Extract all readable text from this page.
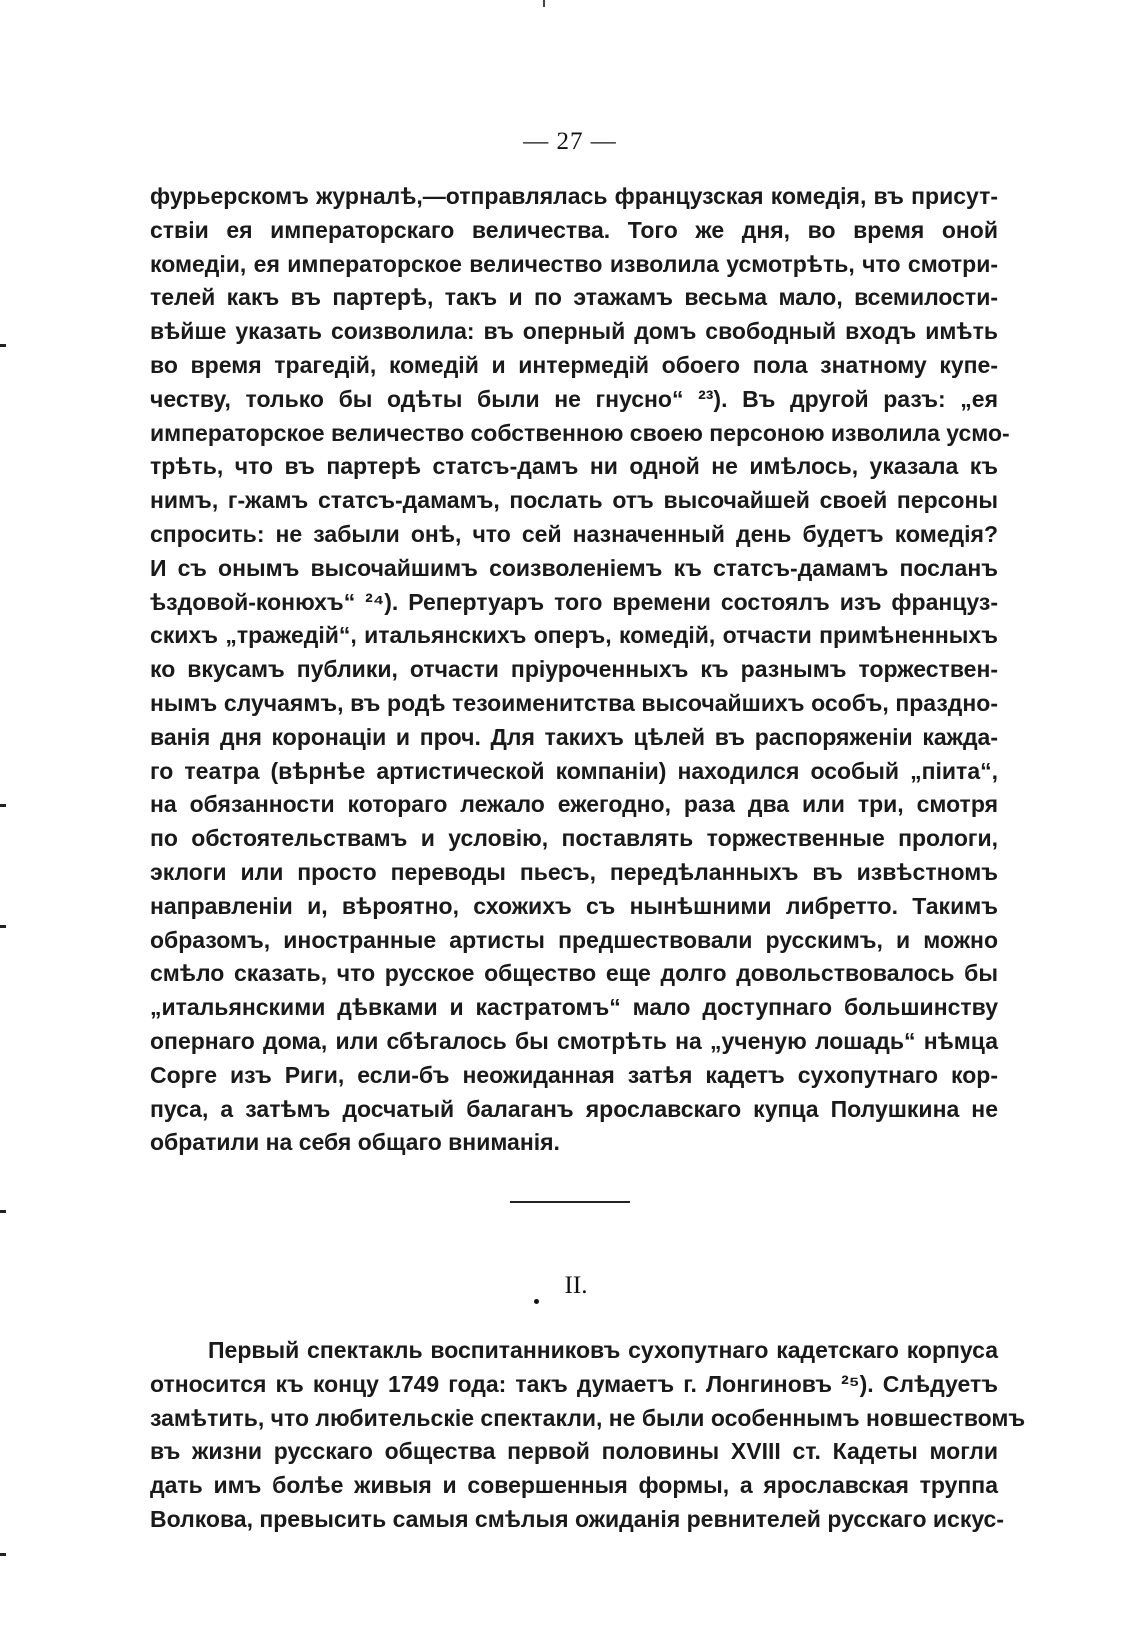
— 27 —
фурьерскомъ журналѣ,—отправлялась французская комедія, въ присут-
ствіи ея императорскаго величества. Того же дня, во время оной
комедіи, ея императорское величество изволила усмотрѣть, что смотри-
телей какъ въ партерѣ, такъ и по этажамъ весьма мало, всемилости-
вѣйше указать соизволила: въ оперный домъ свободный входъ имѣть
во время трагедій, комедій и интермедій обоего пола знатному купе-
честву, только бы одѣты были не гнусно“ ²³). Въ другой разъ: „ея
императорское величество собственною своею персоною изволила усмо-
трѣть, что въ партерѣ статсъ-дамъ ни одной не имѣлось, указала къ
нимъ, г-жамъ статсъ-дамамъ, послать отъ высочайшей своей персоны
спросить: не забыли онѣ, что сей назначенный день будетъ комедія?
И съ онымъ высочайшимъ соизволеніемъ къ статсъ-дамамъ посланъ
ѣздовой-конюхъ“ ²⁴). Репертуаръ того времени состоялъ изъ француз-
скихъ „тражедій“, итальянскихъ оперъ, комедій, отчасти примѣненныхъ
ко вкусамъ публики, отчасти пріуроченныхъ къ разнымъ торжествен-
нымъ случаямъ, въ родѣ тезоименитства высочайшихъ особъ, праздно-
ванія дня коронаціи и проч. Для такихъ цѣлей въ распоряженіи кажда-
го театра (вѣрнѣе артистической компаніи) находился особый „піита“,
на обязанности котораго лежало ежегодно, раза два или три, смотря
по обстоятельствамъ и условію, поставлять торжественные прологи,
эклоги или просто переводы пьесъ, передѣланныхъ въ извѣстномъ
направленіи и, вѣроятно, схожихъ съ нынѣшними либретто. Такимъ
образомъ, иностранные артисты предшествовали русскимъ, и можно
смѣло сказать, что русское общество еще долго довольствовалось бы
„итальянскими дѣвками и кастратомъ“ мало доступнаго большинству
опернаго дома, или сбѣгалось бы смотрѣть на „ученую лошадь“ нѣмца
Сорге изъ Риги, если-бъ неожиданная затѣя кадетъ сухопутнаго кор-
пуса, а затѣмъ досчатый балаганъ ярославскаго купца Полушкина не
обратили на себя общаго вниманія.
II.
Первый спектакль воспитанниковъ сухопутнаго кадетскаго корпуса
относится къ концу 1749 года: такъ думаетъ г. Лонгиновъ ²⁵). Слѣдуетъ
замѣтить, что любительскіе спектакли, не были особеннымъ новшествомъ
въ жизни русскаго общества первой половины XVIII ст. Кадеты могли
дать имъ болѣе живыя и совершенныя формы, а ярославская труппа
Волкова, превысить самыя смѣлыя ожиданія ревнителей русскаго искус-
